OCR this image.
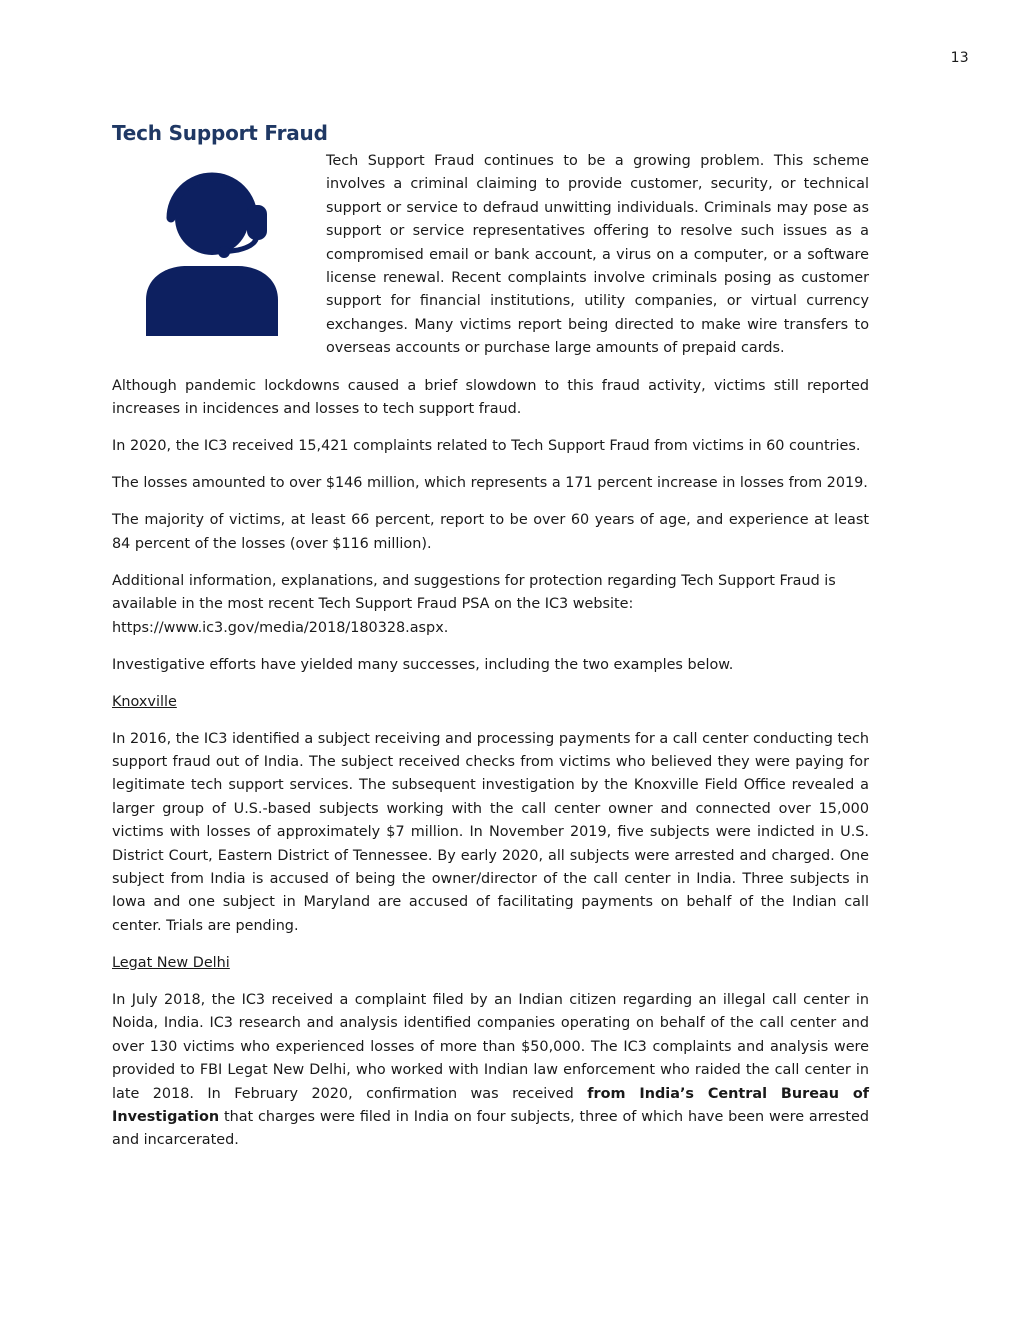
13
Tech Support Fraud

Tech Support Fraud continues to be a growing problem. This scheme involves a criminal claiming to provide customer, security, or technical support or service to defraud unwitting individuals. Criminals may pose as support or service representatives offering to resolve such issues as a compromised email or bank account, a virus on a computer, or a software license renewal. Recent complaints involve criminals posing as customer support for financial institutions, utility companies, or virtual currency exchanges. Many victims report being directed to make wire transfers to overseas accounts or purchase large amounts of prepaid cards.

Although pandemic lockdowns caused a brief slowdown to this fraud activity, victims still reported increases in incidences and losses to tech support fraud.

In 2020, the IC3 received 15,421 complaints related to Tech Support Fraud from victims in 60 countries.

The losses amounted to over $146 million, which represents a 171 percent increase in losses from 2019.

The majority of victims, at least 66 percent, report to be over 60 years of age, and experience at least 84 percent of the losses (over $116 million).

Additional information, explanations, and suggestions for protection regarding Tech Support Fraud is available in the most recent Tech Support Fraud PSA on the IC3 website:
https://www.ic3.gov/media/2018/180328.aspx.

Investigative efforts have yielded many successes, including the two examples below.

Knoxville

In 2016, the IC3 identified a subject receiving and processing payments for a call center conducting tech support fraud out of India. The subject received checks from victims who believed they were paying for legitimate tech support services. The subsequent investigation by the Knoxville Field Office revealed a larger group of U.S.-based subjects working with the call center owner and connected over 15,000 victims with losses of approximately $7 million. In November 2019, five subjects were indicted in U.S. District Court, Eastern District of Tennessee. By early 2020, all subjects were arrested and charged. One subject from India is accused of being the owner/director of the call center in India. Three subjects in Iowa and one subject in Maryland are accused of facilitating payments on behalf of the Indian call center. Trials are pending.

Legat New Delhi

In July 2018, the IC3 received a complaint filed by an Indian citizen regarding an illegal call center in Noida, India. IC3 research and analysis identified companies operating on behalf of the call center and over 130 victims who experienced losses of more than $50,000. The IC3 complaints and analysis were provided to FBI Legat New Delhi, who worked with Indian law enforcement who raided the call center in late 2018. In February 2020, confirmation was received from India’s Central Bureau of Investigation that charges were filed in India on four subjects, three of which have been were arrested and incarcerated.
